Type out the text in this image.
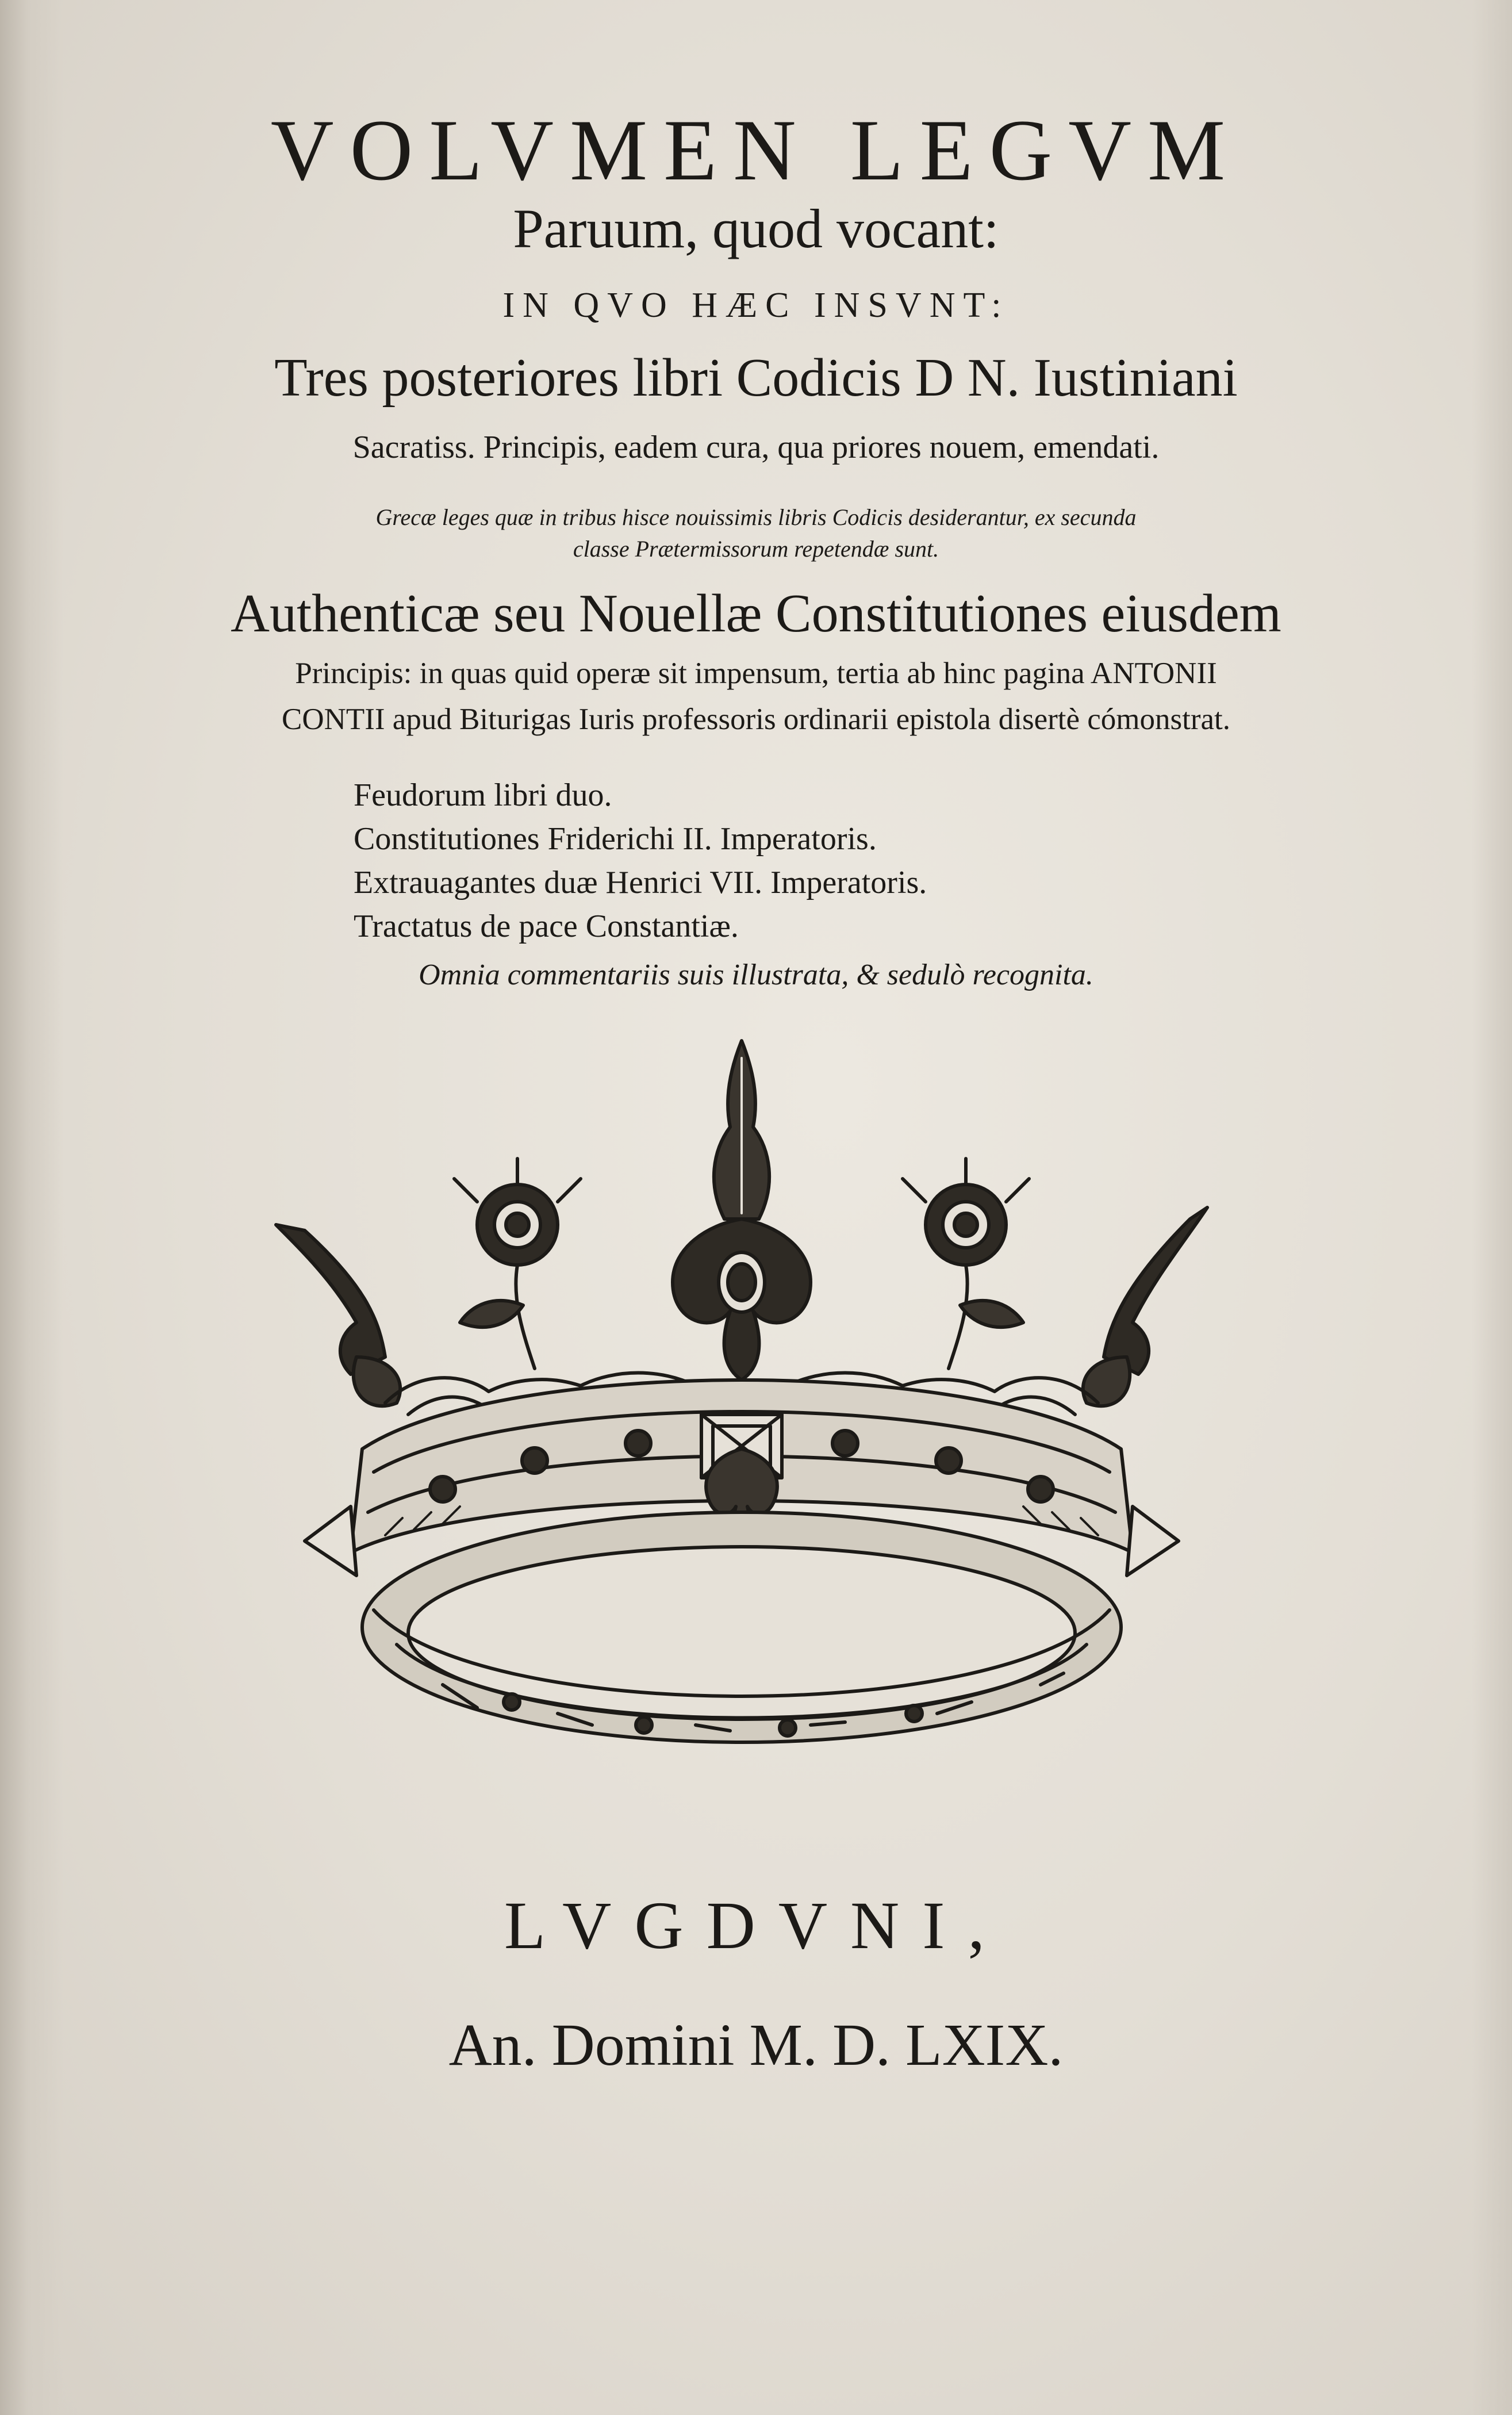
VOLVMEN LEGVM

Paruum, quod vocant:

IN QVO HÆC INSVNT:

Tres posteriores libri Codicis D N. Iustiniani

Sacratiss. Principis, eadem cura, qua priores nouem, emendati.

Grecæ leges quæ in tribus hisce nouissimis libris Codicis desiderantur, ex secunda

classe Prætermissorum repetendæ sunt.

Authenticæ seu Nouellæ Constitutiones eiusdem

Principis: in quas quid operæ sit impensum, tertia ab hinc pagina ANTONII

CONTII apud Biturigas Iuris professoris ordinarii epistola disertè cómonstrat.

Feudorum libri duo.
Constitutiones Friderichi II. Imperatoris.
Extrauagantes duæ Henrici VII. Imperatoris.
Tractatus de pace Constantiæ.

Omnia commentariis suis illustrata, & sedulò recognita.

LVGDVNI,

An. Domini M. D. LXIX.
